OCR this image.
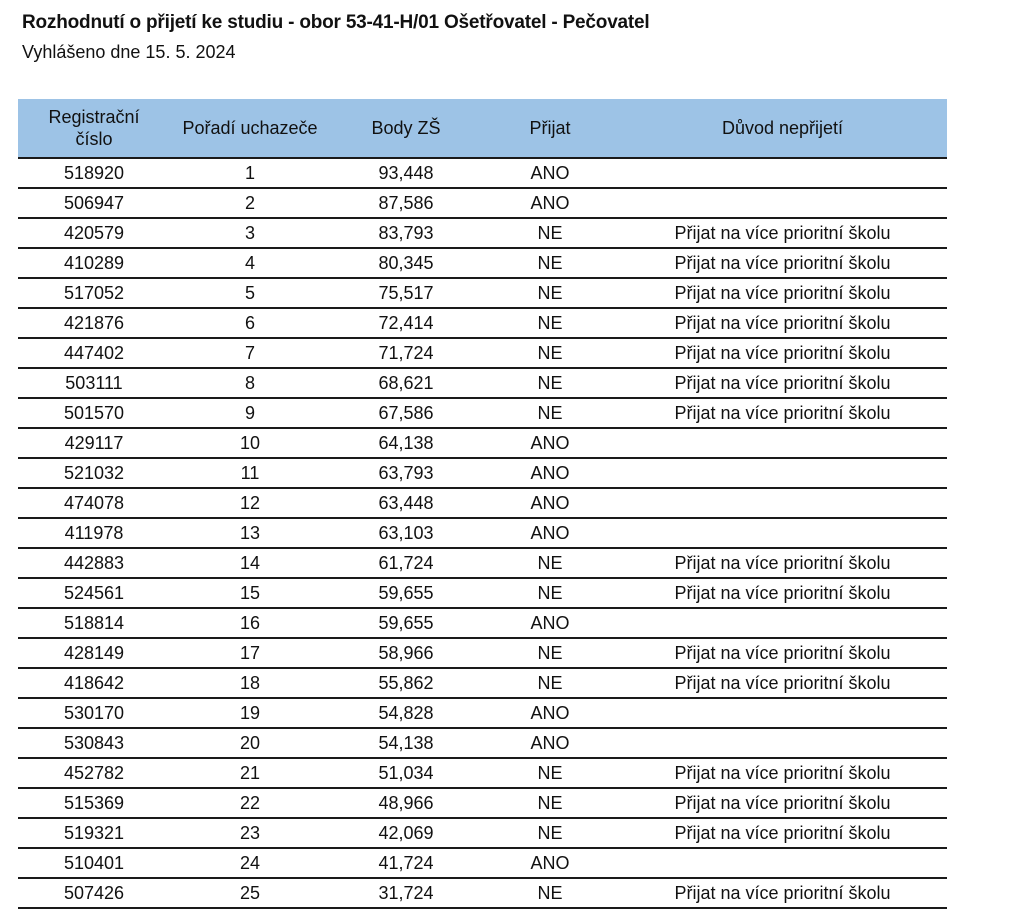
Rozhodnutí o přijetí ke studiu - obor 53-41-H/01 Ošetřovatel - Pečovatel
Vyhlášeno dne 15. 5. 2024
Registrační
číslo	Pořadí uchazeče	Body ZŠ	Přijat	Důvod nepřijetí
518920	1	93,448	ANO	
506947	2	87,586	ANO	
420579	3	83,793	NE	Přijat na více prioritní školu
410289	4	80,345	NE	Přijat na více prioritní školu
517052	5	75,517	NE	Přijat na více prioritní školu
421876	6	72,414	NE	Přijat na více prioritní školu
447402	7	71,724	NE	Přijat na více prioritní školu
503111	8	68,621	NE	Přijat na více prioritní školu
501570	9	67,586	NE	Přijat na více prioritní školu
429117	10	64,138	ANO	
521032	11	63,793	ANO	
474078	12	63,448	ANO	
411978	13	63,103	ANO	
442883	14	61,724	NE	Přijat na více prioritní školu
524561	15	59,655	NE	Přijat na více prioritní školu
518814	16	59,655	ANO	
428149	17	58,966	NE	Přijat na více prioritní školu
418642	18	55,862	NE	Přijat na více prioritní školu
530170	19	54,828	ANO	
530843	20	54,138	ANO	
452782	21	51,034	NE	Přijat na více prioritní školu
515369	22	48,966	NE	Přijat na více prioritní školu
519321	23	42,069	NE	Přijat na více prioritní školu
510401	24	41,724	ANO	
507426	25	31,724	NE	Přijat na více prioritní školu
